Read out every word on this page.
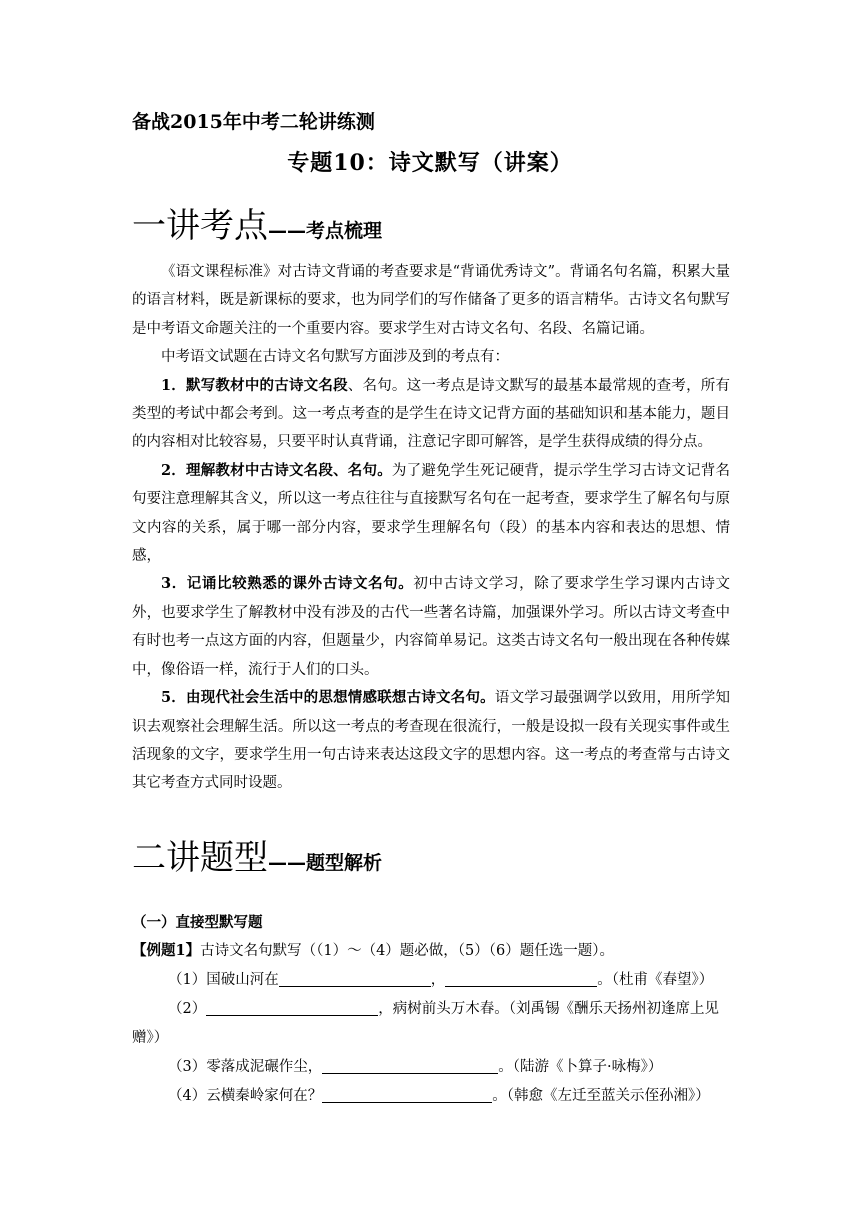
备战2015年中考二轮讲练测
专题10：诗文默写（讲案）
一讲考点——考点梳理

《语文课程标准》对古诗文背诵的考查要求是“背诵优秀诗文”。背诵名句名篇，积累大量的语言材料，既是新课标的要求，也为同学们的写作储备了更多的语言精华。古诗文名句默写是中考语文命题关注的一个重要内容。要求学生对古诗文名句、名段、名篇记诵。

中考语文试题在古诗文名句默写方面涉及到的考点有：

1．默写教材中的古诗文名段、名句。这一考点是诗文默写的最基本最常规的查考，所有类型的考试中都会考到。这一考点考查的是学生在诗文记背方面的基础知识和基本能力，题目的内容相对比较容易，只要平时认真背诵，注意记字即可解答，是学生获得成绩的得分点。

2．理解教材中古诗文名段、名句。为了避免学生死记硬背，提示学生学习古诗文记背名句要注意理解其含义，所以这一考点往往与直接默写名句在一起考查，要求学生了解名句与原文内容的关系，属于哪一部分内容，要求学生理解名句（段）的基本内容和表达的思想、情感，

3．记诵比较熟悉的课外古诗文名句。初中古诗文学习，除了要求学生学习课内古诗文外，也要求学生了解教材中没有涉及的古代一些著名诗篇，加强课外学习。所以古诗文考查中有时也考一点这方面的内容，但题量少，内容简单易记。这类古诗文名句一般出现在各种传媒中，像俗语一样，流行于人们的口头。

5．由现代社会生活中的思想情感联想古诗文名句。语文学习最强调学以致用，用所学知识去观察社会理解生活。所以这一考点的考查现在很流行，一般是设拟一段有关现实事件或生活现象的文字，要求学生用一句古诗来表达这段文字的思想内容。这一考点的考查常与古诗文其它考查方式同时设题。

二讲题型——题型解析
（一）直接型默写题
【例题1】古诗文名句默写（（1）～（4）题必做，（5）（6）题任选一题）。
（1）国破山河在	，	。（杜甫《春望》）
（2）	，病树前头万木春。（刘禹锡《酬乐天扬州初逢席上见
赠》）
（3）零落成泥碾作尘，	。（陆游《卜算子·咏梅》）
（4）云横秦岭家何在？	。（韩愈《左迁至蓝关示侄孙湘》）
